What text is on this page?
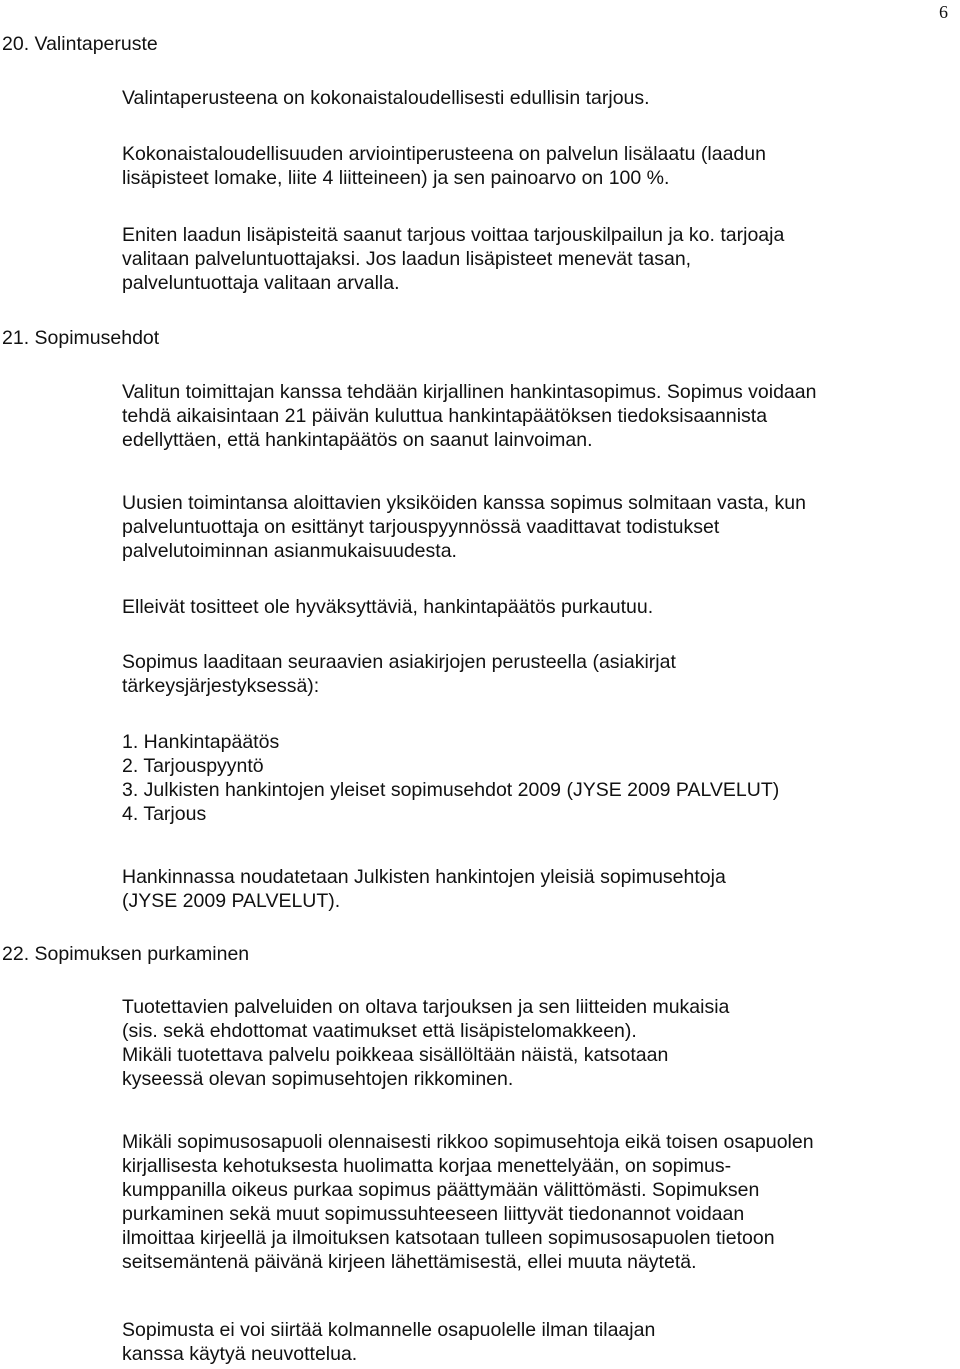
6
20. Valintaperuste
Valintaperusteena on kokonaistaloudellisesti edullisin tarjous.
Kokonaistaloudellisuuden arviointiperusteena on palvelun lisälaatu (laadun
lisäpisteet lomake, liite 4 liitteineen) ja sen painoarvo on 100 %.
Eniten laadun lisäpisteitä saanut tarjous voittaa tarjouskilpailun ja ko. tarjoaja
valitaan palveluntuottajaksi. Jos laadun lisäpisteet menevät tasan,
palveluntuottaja valitaan arvalla.
21. Sopimusehdot
Valitun toimittajan kanssa tehdään kirjallinen hankintasopimus. Sopimus voidaan
tehdä aikaisintaan 21 päivän kuluttua hankintapäätöksen tiedoksisaannista
edellyttäen, että hankintapäätös on saanut lainvoiman.
Uusien toimintansa aloittavien yksiköiden kanssa sopimus solmitaan vasta, kun
palveluntuottaja on esittänyt tarjouspyynnössä vaadittavat todistukset
palvelutoiminnan asianmukaisuudesta.
Elleivät tositteet ole hyväksyttäviä, hankintapäätös purkautuu.
Sopimus laaditaan seuraavien asiakirjojen perusteella (asiakirjat
tärkeysjärjestyksessä):
1. Hankintapäätös
2. Tarjouspyyntö
3. Julkisten hankintojen yleiset sopimusehdot 2009 (JYSE 2009 PALVELUT)
4. Tarjous
Hankinnassa noudatetaan Julkisten hankintojen yleisiä sopimusehtoja
(JYSE 2009 PALVELUT).
22. Sopimuksen purkaminen
Tuotettavien palveluiden on oltava tarjouksen ja sen liitteiden mukaisia
(sis. sekä ehdottomat vaatimukset että lisäpistelomakkeen).
Mikäli tuotettava palvelu poikkeaa sisällöltään näistä, katsotaan
kyseessä olevan sopimusehtojen rikkominen.
Mikäli sopimusosapuoli olennaisesti rikkoo sopimusehtoja eikä toisen osapuolen
kirjallisesta kehotuksesta huolimatta korjaa menettelyään, on sopimus-
kumppanilla oikeus purkaa sopimus päättymään välittömästi. Sopimuksen
purkaminen sekä muut sopimussuhteeseen liittyvät tiedonannot voidaan
ilmoittaa kirjeellä ja ilmoituksen katsotaan tulleen sopimusosapuolen tietoon
seitsemäntenä päivänä kirjeen lähettämisestä, ellei muuta näytetä.
Sopimusta ei voi siirtää kolmannelle osapuolelle ilman tilaajan
kanssa käytyä neuvottelua.
